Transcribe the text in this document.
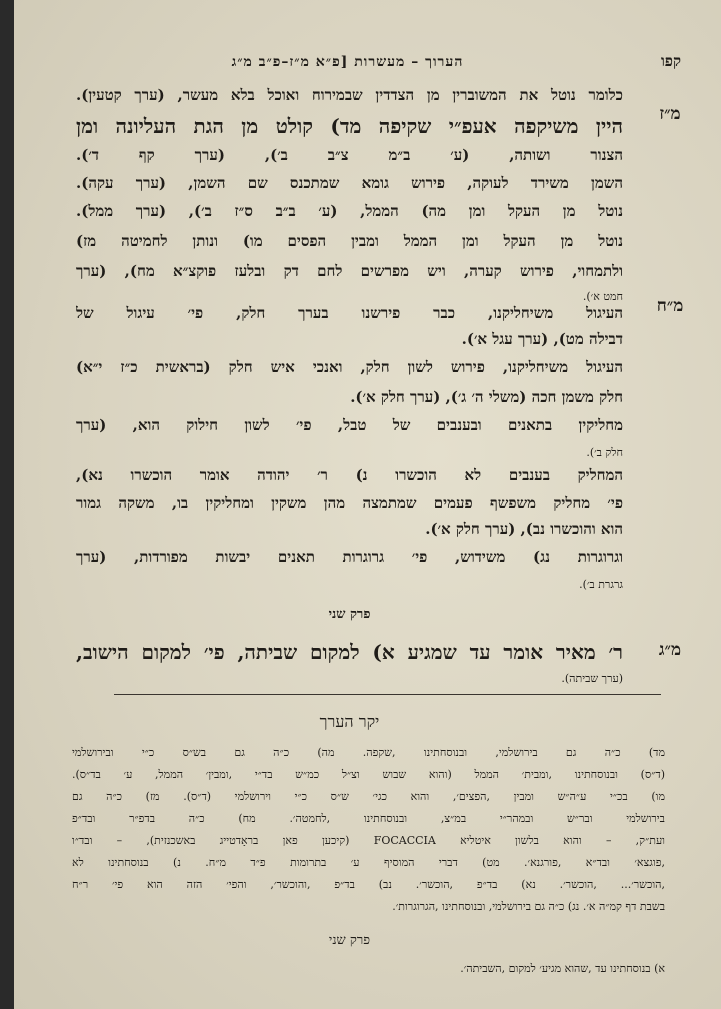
קפו
הערוך – מעשרות [פ״א מ״ז–פ״ב מ״ג
מ״ז
מ״ח
מ״ג
כלומר נוטל את המשוברין מן הצדדין שבמירוח ואוכל בלא מעשר, (ערך קטעין).
היין משיקפה אעפ״י שקיפה מד) קולט מן הגת העליונה ומן
הצנור ושותה, (ע׳ ב״מ צ״ב ב׳), (ערך קף ד׳).
השמן משירד לעוקה, פירוש גומא שמתכנס שם השמן, (ערך עקה).
נוטל מן העקל ומן מה) הממל, (ע׳ ב״ב ס״ז ב׳), (ערך ממל).
נוטל מן העקל ומן הממל ומבין הפסים מו) ונותן לחמיטה מז)
ולתמחוי, פירוש קערה, ויש מפרשים לחם דק ובלעז פוקצ״א מח), (ערך
חמט א׳).
העיגול משיחליקנו, כבר פירשנו בערך חלק, פי׳ עיגול של
דבילה מט), (ערך עגל א׳).
העיגול משיחליקנו, פירוש לשון חלק, ואנכי איש חלק (בראשית כ״ז י״א)
חלק משמן חכה (משלי ה׳ ג׳), (ערך חלק א׳).
מחליקין בתאנים ובענבים של טבל, פי׳ לשון חילוק הוא, (ערך
חלק ב׳).
המחליק בענבים לא הוכשרו נ) ר׳ יהודה אומר הוכשרו נא),
פי׳ מחליק משפשף פעמים שמתמצה מהן משקין ומחליקין בו, משקה גמור
הוא והוכשרו נב), (ערך חלק א׳).
וגרוגרות נג) משידוש, פי׳ גרוגרות תאנים יבשות מפורדות, (ערך
גרגרת ב׳).
פרק שני
ר׳ מאיר אומר עד שמגיע א) למקום שביתה, פי׳ למקום הישוב,
(ערך שביתה).
יקר הערך
מד) כ״ה גם בירושלמי, ובנוסחתינו ,שקפה. מה) כ״ה גם בש״ס כ״י ובירושלמי
(ד״ס) ובנוסחתינו ,ומבית׳ הממל (והוא שבוש וצ״ל כמ״ש בד״י ,ומבין׳ הממל, ע׳ בד״ס).
מו) בכ״י ע״ה״ש ומבין ,הפצים׳, והוא כגי׳ ש״ס כ״י וירושלמי (ד״ס). מז) כ״ה גם
בירושלמי ובר״ש ובמהר״י במ״צ, ובנוסחתינו ,לחמטה׳. מח) כ״ה בדפ״ר ובד״פ
ועת״ק, – והוא בלשון איטליא FOCACCIA (קיכען פאן בראָדטייג באשכנזית), – ובד״ו
,פוגצא׳ ובד״א ,פורגנא׳. מט) דברי המוסיף ע׳ בתרומות פ״ד מ״ח. נ) בנוסחתינו לא
,הוכשר׳... ,הוכשר׳. נא) בד״פ ,הוכשר׳. נב) בד״פ ,והוכשר׳, והפי׳ הזה הוא פי׳ ר״ח
בשבת דף קמ״ה א׳. נג) כ״ה גם בירושלמי, ובנוסחתינו ,הגרוגרות׳.
פרק שני
א) בנוסחתינו עד ,שהוא מגיע׳ למקום ,השביתה׳.
